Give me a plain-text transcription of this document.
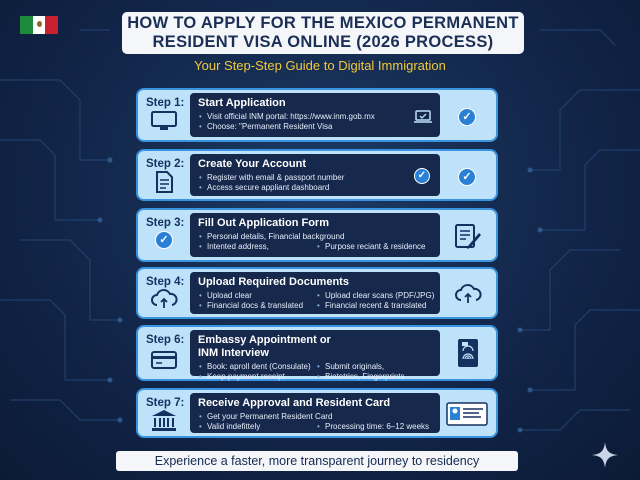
HOW TO APPLY FOR THE MEXICO PERMANENT
RESIDENT VISA ONLINE (2026 PROCESS)
Your Step-Step Guide to Digital Immigration
Step 1: Start Application
• Visit official INM portal: https://www.inm.gob.mx
• Choose: "Permanent Resident Visa
✓
Step 2: Create Your Account
• Register with email & passport number
• Access secure appliant dashboard
✓	✓
Step 3:
✓
Fill Out Application Form
• Personal details, Financial background
• Intented address,	• Purpose reciant & residence
Step 4: Upload Required Documents
• Upload clear	• Upload clear scans (PDF/JPG)
• Financial docs & translated	• Financial recent & translated
Step 6: Embassy Appointment or
INM Interview
• Book: aproll dent (Consulate)	• Submit originals,
• Keep payment receipt	• Biotetrics, Fingerprints
Step 7: Receive Approval and Resident Card
• Get your Permanent Resident Card
• Valid indefittely	• Processing time: 6–12 weeks
Experience a faster, more transparent journey to residency
